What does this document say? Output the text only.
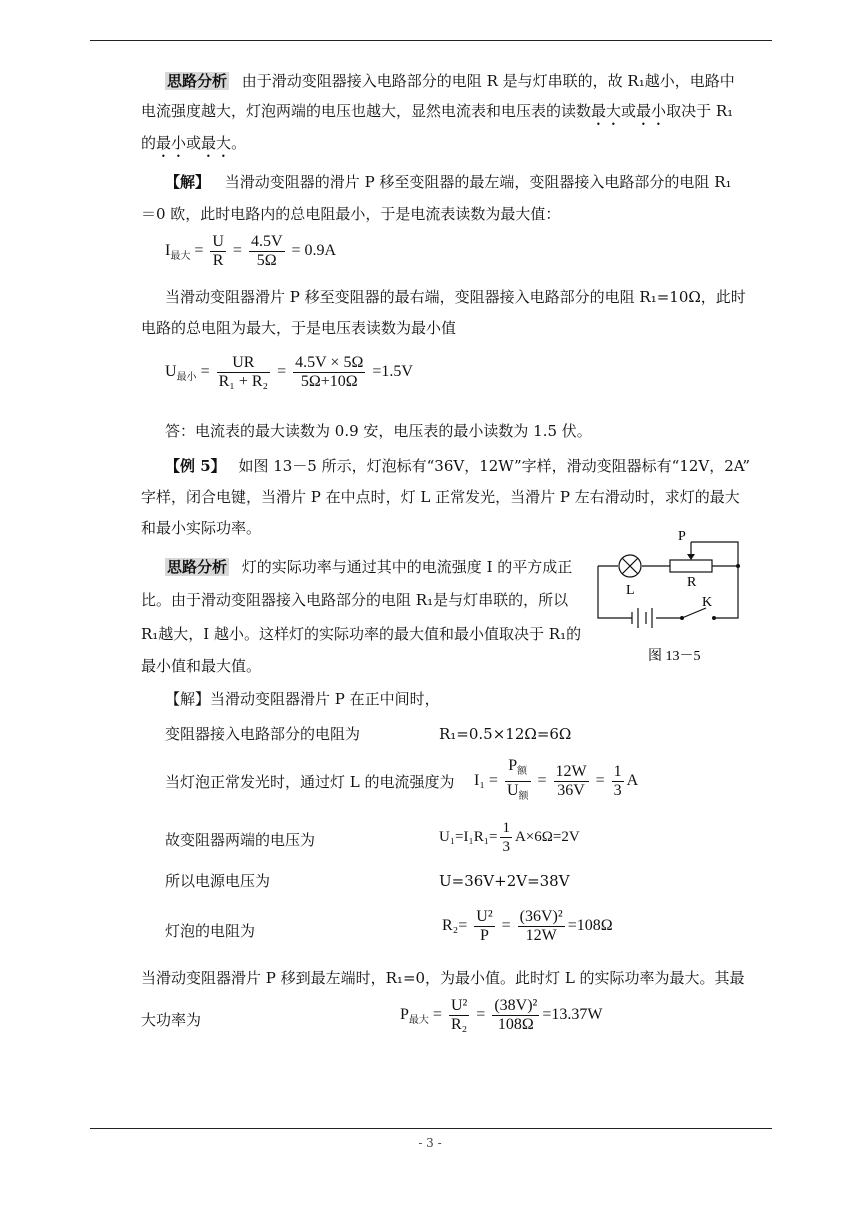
思路分析 由于滑动变阻器接入电路部分的电阻 R 是与灯串联的，故 R₁越小，电路中
电流强度越大，灯泡两端的电压也越大，显然电流表和电压表的读数最大或最小取决于 R₁
的最小或最大。
【解】 当滑动变阻器的滑片 P 移至变阻器的最左端，变阻器接入电路部分的电阻 R₁
＝0 欧，此时电路内的总电阻最小，于是电流表读数为最大值：
$I_{最大} = \frac{U}{R} = \frac{4.5V}{5\Omega} = 0.9A$
当滑动变阻器滑片 P 移至变阻器的最右端，变阻器接入电路部分的电阻 R₁=10Ω，此时
电路的总电阻为最大，于是电压表读数为最小值
$U_{最小} = \frac{UR}{\text{R₁ + R₂}} = \frac{4.5V \times 5\Omega}{5\Omega+10\Omega} =1.5V$
答：电流表的最大读数为 0.9 安，电压表的最小读数为 1.5 伏。
【例 5】 如图 13－5 所示，灯泡标有“36V，12W”字样，滑动变阻器标有“12V，2A”
字样，闭合电键，当滑片 P 在中点时，灯 L 正常发光，当滑片 P 左右滑动时，求灯的最大
和最小实际功率。
思路分析 灯的实际功率与通过其中的电流强度 I 的平方成正
比。由于滑动变阻器接入电路部分的电阻 R₁是与灯串联的，所以
R₁越大，I 越小。这样灯的实际功率的最大值和最小值取决于 R₁的
最小值和最大值。
P
R
L
K
图 13－5
【解】当滑动变阻器滑片 P 在正中间时，
变阻器接入电路部分的电阻为	R₁=0.5×12Ω=6Ω
当灯泡正常发光时，通过灯 L 的电流强度为 $I_1 = \frac{P_额}{U_额} = \frac{12W}{36V} = \frac{1}{3}$ A
故变阻器两端的电压为	$U_1=I_1R_1= \frac{1}{3} A\times 6\Omega=2V$
所以电源电压为	U=36V+2V=38V
灯泡的电阻为	$R_2= \frac{\text{U²}}{P} = \frac{\text{(36V)²}}{12W} =108\Omega$
当滑动变阻器滑片 P 移到最左端时，R₁=0，为最小值。此时灯 L 的实际功率为最大。其最
大功率为	$P_{最大} = \frac{\text{U²}}{\text{R₂}} = \frac{\text{(38V)²}}{108\Omega} =13.37W$
- 3 -
